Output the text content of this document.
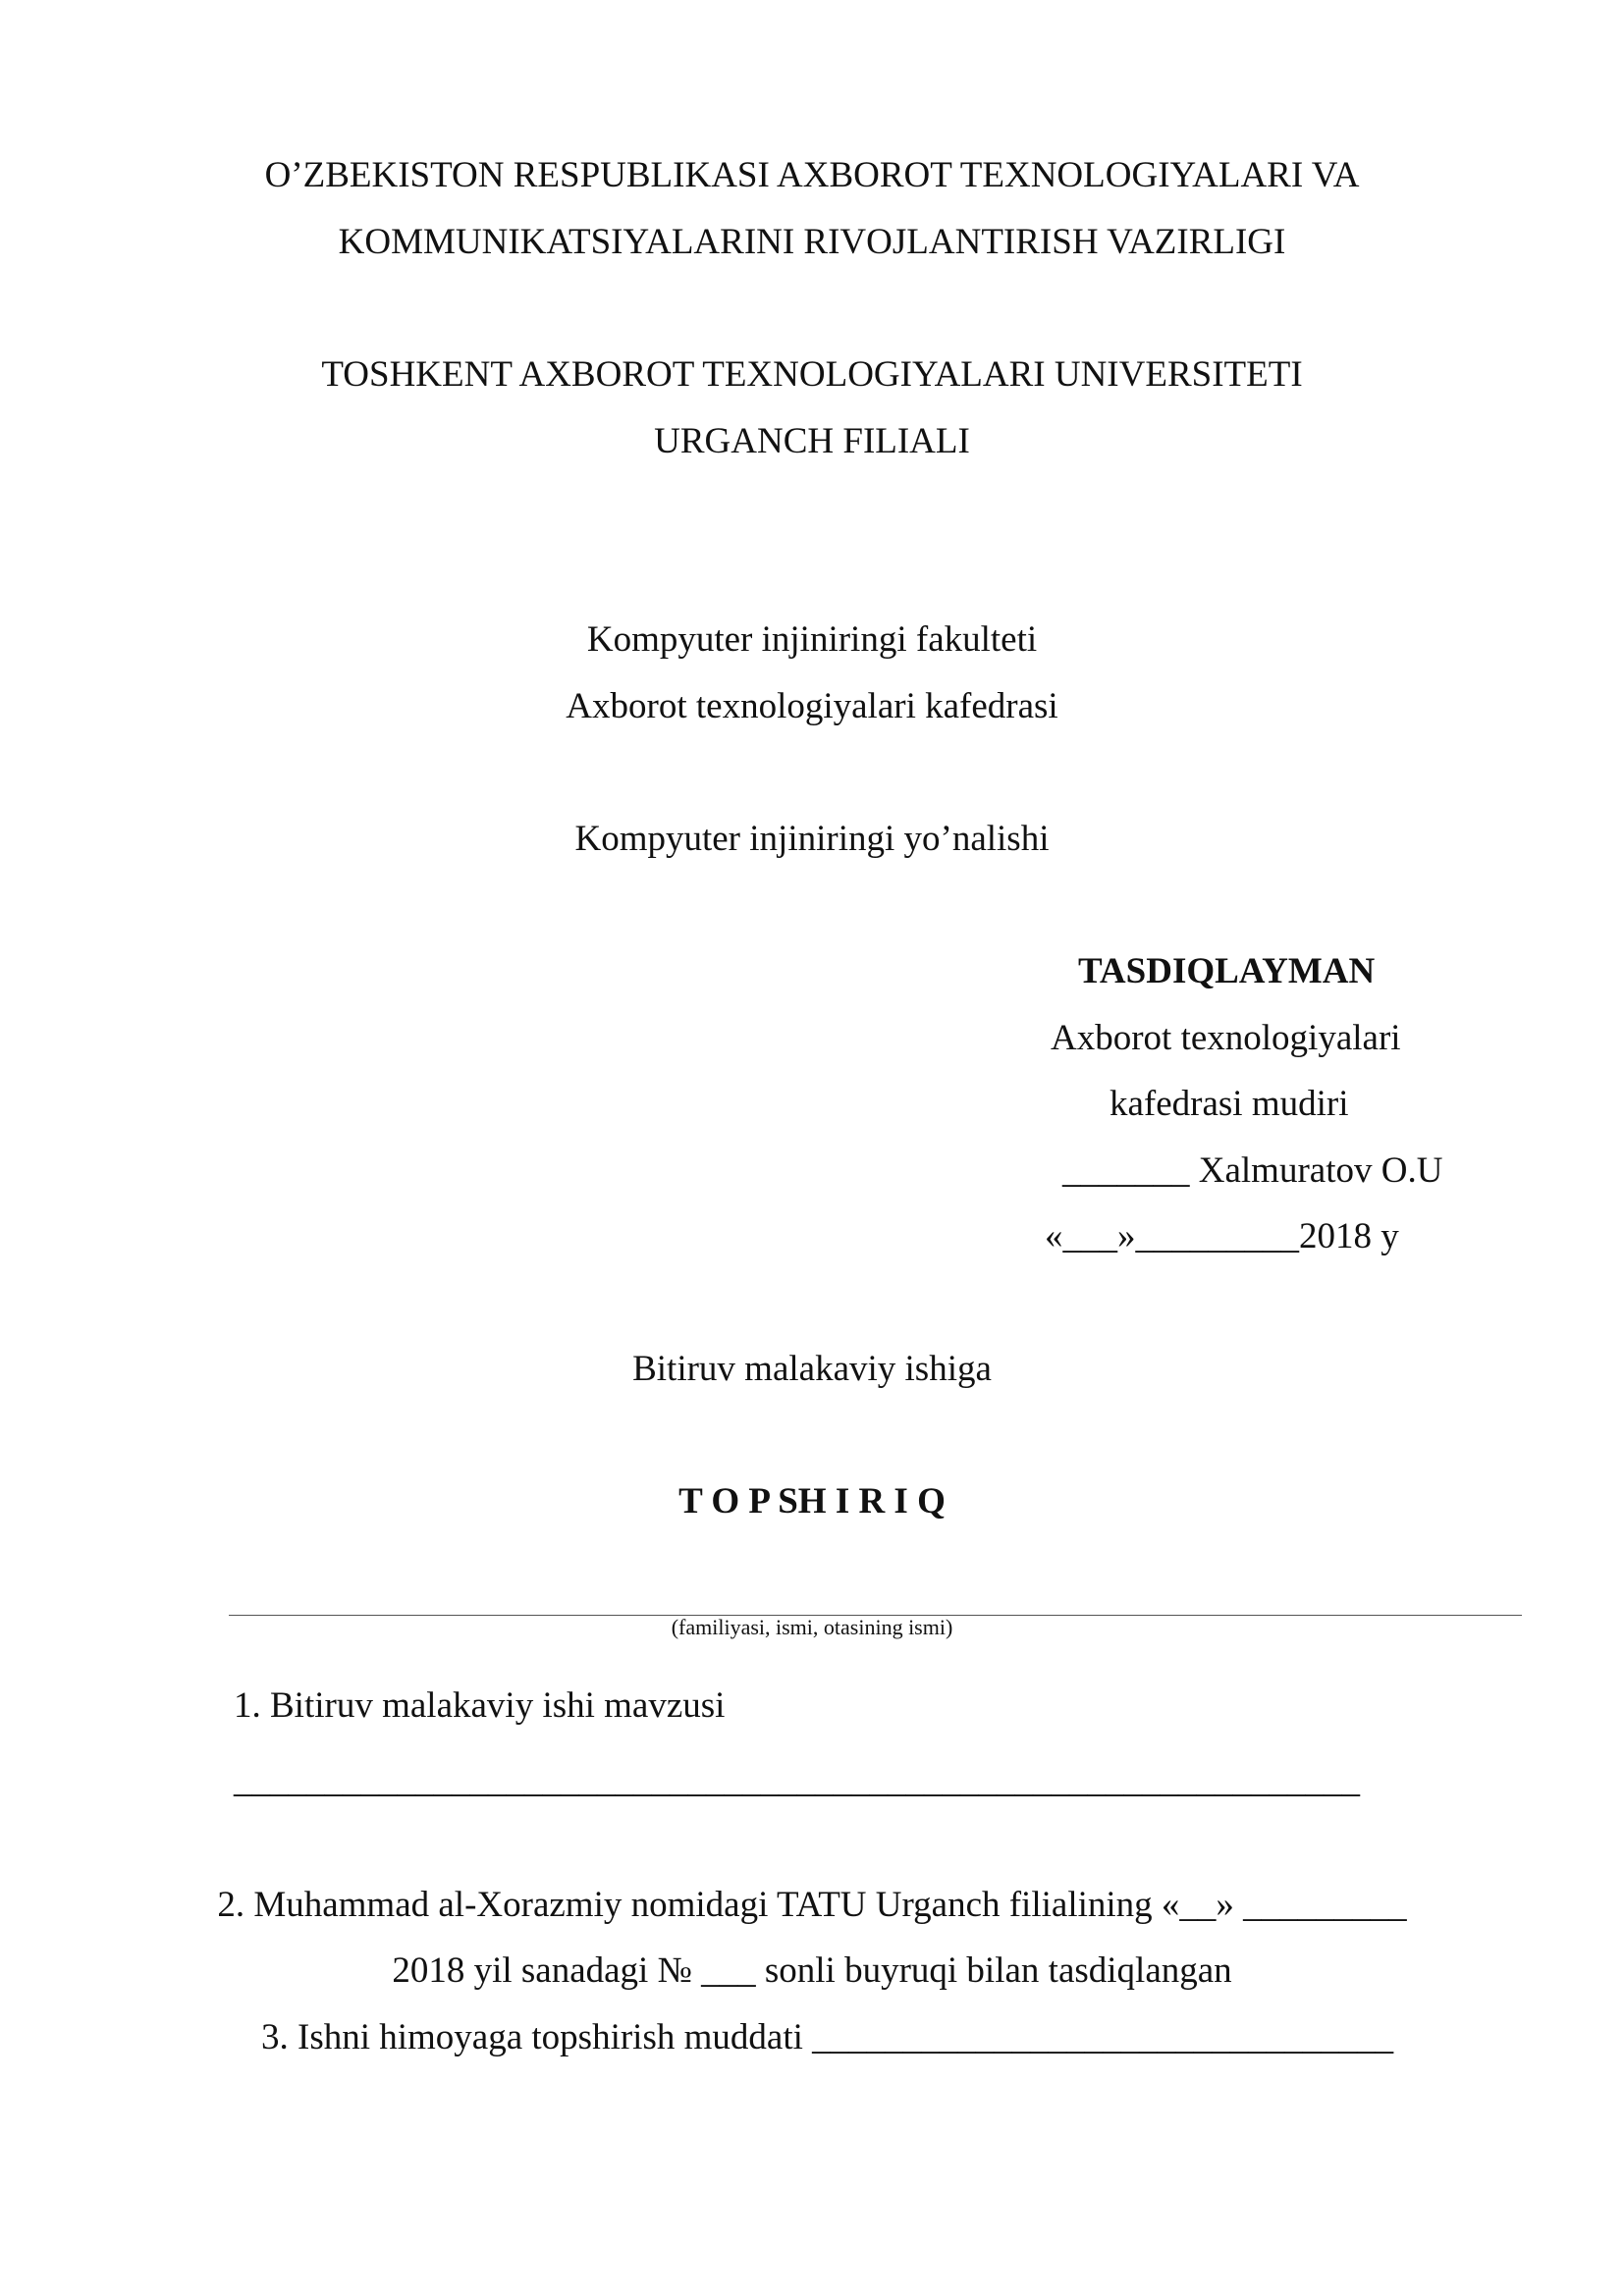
O’ZBEKISTON RESPUBLIKASI AXBOROT TEXNOLOGIYALARI VA
KOMMUNIKATSIYALARINI RIVOJLANTIRISH VAZIRLIGI
TOSHKENT AXBOROT TEXNOLOGIYALARI UNIVERSITETI
URGANCH FILIALI
Kompyuter injiniringi fakulteti
Axborot texnologiyalari kafedrasi
Kompyuter injiniringi yo’nalishi
TASDIQLAYMAN
Axborot texnologiyalari
kafedrasi mudiri
_______ Xalmuratov O.U
«___»_________2018 y
Bitiruv malakaviy ishiga
T O P SH I R I Q
(familiyasi, ismi, otasining ismi)
1. Bitiruv malakaviy ishi mavzusi
______________________________________________________________
2. Muhammad al-Xorazmiy nomidagi TATU Urganch filialining «__» _________
2018 yil sanadagi № ___ sonli buyruqi bilan tasdiqlangan
3. Ishni himoyaga topshirish muddati ________________________________
